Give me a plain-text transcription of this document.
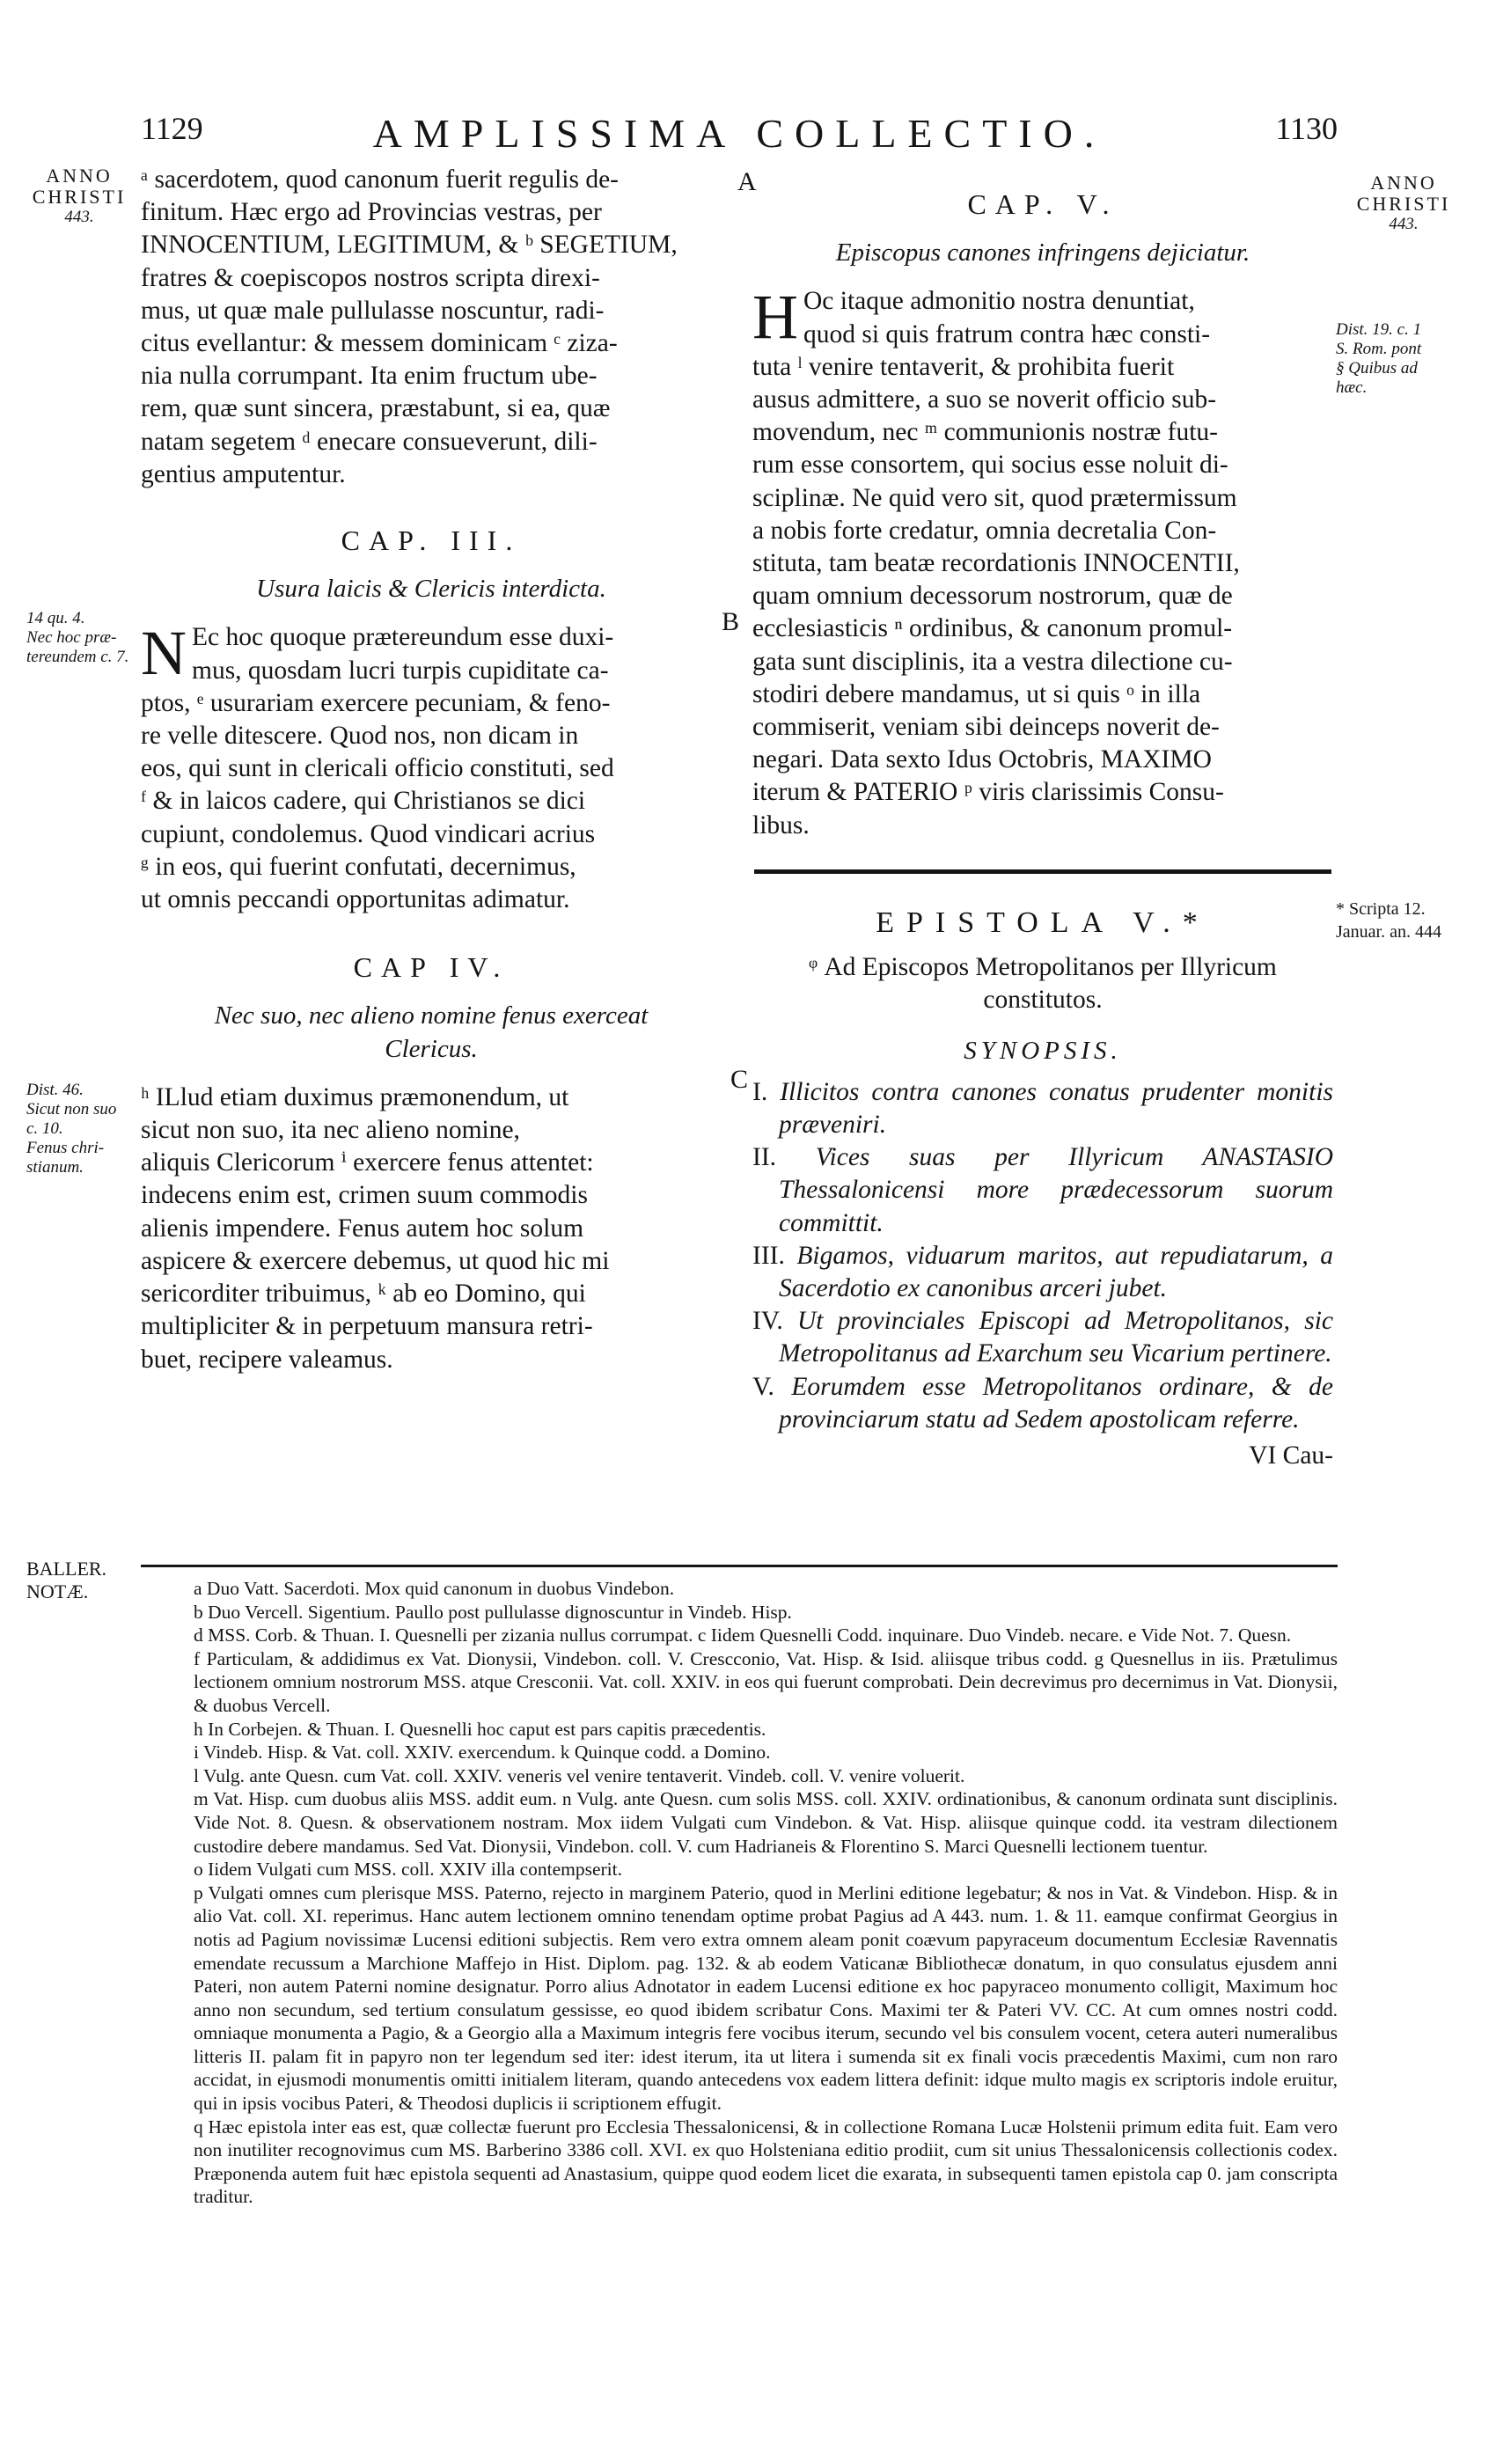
1129	AMPLISSIMA COLLECTIO.	1130
ANNO
CHRISTI
443.
ANNO
CHRISTI
443.
14 qu. 4.
Nec hoc præ-
tereundem c. 7.
Dist. 46.
Sicut non suo
c. 10.
Fenus chri-
stianum.
Dist. 19. c. 1
S. Rom. pont
§ Quibus ad
hæc.
* Scripta 12.
Januar. an. 444
BALLER.
NOTÆ.
A
B
C

ᵃ sacerdotem, quod canonum fuerit regulis de-

finitum. Hæc ergo ad Provincias vestras, per

INNOCENTIUM, LEGITIMUM, & ᵇ SEGETIUM,

fratres & coepiscopos nostros scripta direxi-

mus, ut quæ male pullulasse noscuntur, radi-

citus evellantur: & messem dominicam ᶜ ziza-

nia nulla corrumpant. Ita enim fructum ube-

rem, quæ sunt sincera, præstabunt, si ea, quæ

natam segetem ᵈ enecare consueverunt, dili-

gentius amputentur.

CAP. III.
Usura laicis & Clericis interdicta.
N Ec hoc quoque prætereundum esse duxi-

mus, quosdam lucri turpis cupiditate ca-

ptos, ᵉ usurariam exercere pecuniam, & feno-

re velle ditescere. Quod nos, non dicam in

eos, qui sunt in clericali officio constituti, sed

ᶠ & in laicos cadere, qui Christianos se dici

cupiunt, condolemus. Quod vindicari acrius

ᵍ in eos, qui fuerint confutati, decernimus,

ut omnis peccandi opportunitas adimatur.

CAP IV.
Nec suo, nec alieno nomine fenus exerceat Clericus.

ʰ ILlud etiam duximus præmonendum, ut

sicut non suo, ita nec alieno nomine,

aliquis Clericorum ⁱ exercere fenus attentet:

indecens enim est, crimen suum commodis

alienis impendere. Fenus autem hoc solum

aspicere & exercere debemus, ut quod hic mi

sericorditer tribuimus, ᵏ ab eo Domino, qui

multipliciter & in perpetuum mansura retri-

buet, recipere valeamus.

CAP. V.
Episcopus canones infringens dejiciatur.
H Oc itaque admonitio nostra denuntiat,

quod si quis fratrum contra hæc consti-

tuta ˡ venire tentaverit, & prohibita fuerit

ausus admittere, a suo se noverit officio sub-

movendum, nec ᵐ communionis nostræ futu-

rum esse consortem, qui socius esse noluit di-

sciplinæ. Ne quid vero sit, quod prætermissum

a nobis forte credatur, omnia decretalia Con-

stituta, tam beatæ recordationis INNOCENTII,

quam omnium decessorum nostrorum, quæ de

ecclesiasticis ⁿ ordinibus, & canonum promul-

gata sunt disciplinis, ita a vestra dilectione cu-

stodiri debere mandamus, ut si quis ᵒ in illa

commiserit, veniam sibi deinceps noverit de-

negari. Data sexto Idus Octobris, MAXIMO

iterum & PATERIO ᵖ viris clarissimis Consu-

libus.

EPISTOLA V.*
ᵠ Ad Episcopos Metropolitanos per Illyricum constitutos.
SYNOPSIS.
I. Illicitos contra canones conatus prudenter monitis præveniri.
II. Vices suas per Illyricum ANASTASIO Thessalonicensi more prædecessorum suorum committit.
III. Bigamos, viduarum maritos, aut repudiatarum, a Sacerdotio ex canonibus arceri jubet.
IV. Ut provinciales Episcopi ad Metropolitanos, sic Metropolitanus ad Exarchum seu Vicarium pertinere.
V. Eorumdem esse Metropolitanos ordinare, & de provinciarum statu ad Sedem apostolicam referre.
VI Cau-

a Duo Vatt. Sacerdoti. Mox quid canonum in duobus Vindebon.

b Duo Vercell. Sigentium. Paullo post pullulasse dignoscuntur in Vindeb. Hisp.

d MSS. Corb. & Thuan. I. Quesnelli per zizania nullus corrumpat. c Iidem Quesnelli Codd. inquinare. Duo Vindeb. necare. e Vide Not. 7. Quesn.

f Particulam, & addidimus ex Vat. Dionysii, Vindebon. coll. V. Crescconio, Vat. Hisp. & Isid. aliisque tribus codd. g Quesnellus in iis. Prætulimus lectionem omnium nostrorum MSS. atque Cresconii. Vat. coll. XXIV. in eos qui fuerunt comprobati. Dein decrevimus pro decernimus in Vat. Dionysii, & duobus Vercell.

h In Corbejen. & Thuan. I. Quesnelli hoc caput est pars capitis præcedentis.

i Vindeb. Hisp. & Vat. coll. XXIV. exercendum. k Quinque codd. a Domino.

l Vulg. ante Quesn. cum Vat. coll. XXIV. veneris vel venire tentaverit. Vindeb. coll. V. venire voluerit.

m Vat. Hisp. cum duobus aliis MSS. addit eum. n Vulg. ante Quesn. cum solis MSS. coll. XXIV. ordinationibus, & canonum ordinata sunt disciplinis. Vide Not. 8. Quesn. & observationem nostram. Mox iidem Vulgati cum Vindebon. & Vat. Hisp. aliisque quinque codd. ita vestram dilectionem custodire debere mandamus. Sed Vat. Dionysii, Vindebon. coll. V. cum Hadrianeis & Florentino S. Marci Quesnelli lectionem tuentur.

o Iidem Vulgati cum MSS. coll. XXIV illa contempserit.

p Vulgati omnes cum plerisque MSS. Paterno, rejecto in marginem Paterio, quod in Merlini editione legebatur; & nos in Vat. & Vindebon. Hisp. & in alio Vat. coll. XI. reperimus. Hanc autem lectionem omnino tenendam optime probat Pagius ad A 443. num. 1. & 11. eamque confirmat Georgius in notis ad Pagium novissimæ Lucensi editioni subjectis. Rem vero extra omnem aleam ponit coævum papyraceum documentum Ecclesiæ Ravennatis emendate recussum a Marchione Maffejo in Hist. Diplom. pag. 132. & ab eodem Vaticanæ Bibliothecæ donatum, in quo consulatus ejusdem anni Pateri, non autem Paterni nomine designatur. Porro alius Adnotator in eadem Lucensi editione ex hoc papyraceo monumento colligit, Maximum hoc anno non secundum, sed tertium consulatum gessisse, eo quod ibidem scribatur Cons. Maximi ter & Pateri VV. CC. At cum omnes nostri codd. omniaque monumenta a Pagio, & a Georgio alla a Maximum integris fere vocibus iterum, secundo vel bis consulem vocent, cetera auteri numeralibus litteris II. palam fit in papyro non ter legendum sed iter: idest iterum, ita ut litera i sumenda sit ex finali vocis præcedentis Maximi, cum non raro accidat, in ejusmodi monumentis omitti initialem literam, quando antecedens vox eadem littera definit: idque multo magis ex scriptoris indole eruitur, qui in ipsis vocibus Pateri, & Theodosi duplicis ii scriptionem effugit.

q Hæc epistola inter eas est, quæ collectæ fuerunt pro Ecclesia Thessalonicensi, & in collectione Romana Lucæ Holstenii primum edita fuit. Eam vero non inutiliter recognovimus cum MS. Barberino 3386 coll. XVI. ex quo Holsteniana editio prodiit, cum sit unius Thessalonicensis collectionis codex. Præponenda autem fuit hæc epistola sequenti ad Anastasium, quippe quod eodem licet die exarata, in subsequenti tamen epistola cap 0. jam conscripta traditur.
